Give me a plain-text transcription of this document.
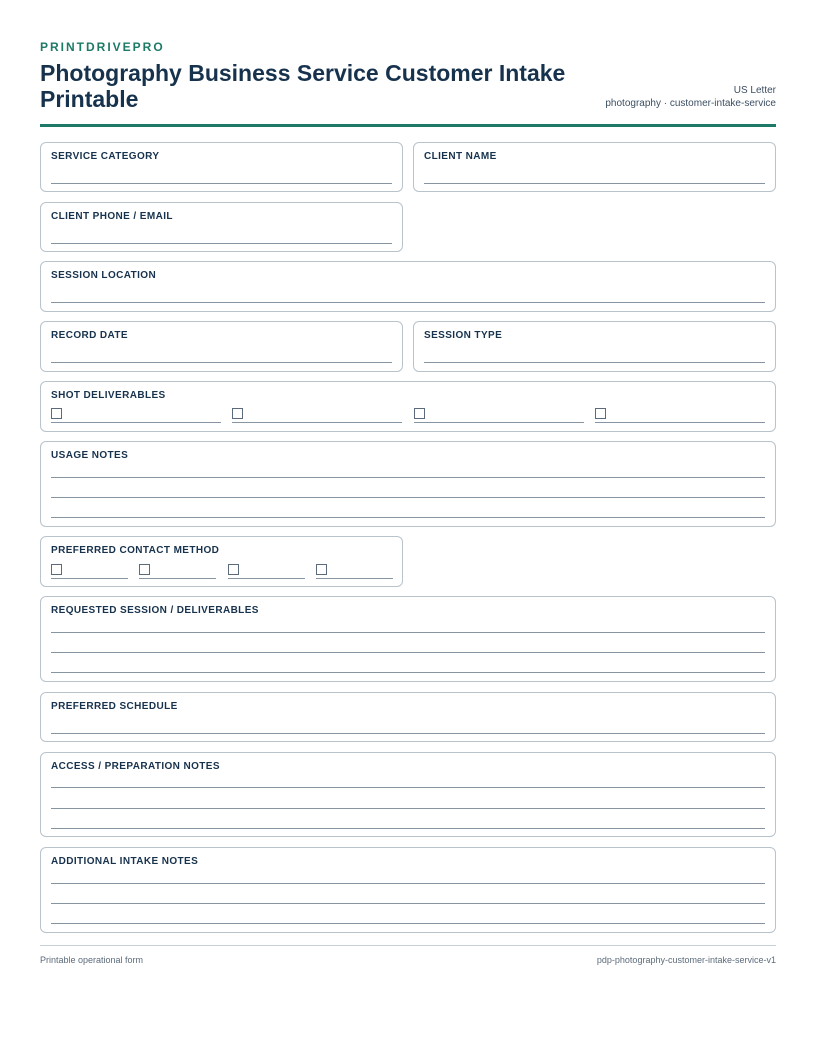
PRINTDRIVEPRO
Photography Business Service Customer Intake Printable	US Letter
photography · customer-intake-service
SERVICE CATEGORY	CLIENT NAME
CLIENT PHONE / EMAIL
SESSION LOCATION
RECORD DATE	SESSION TYPE
SHOT DELIVERABLES
USAGE NOTES
PREFERRED CONTACT METHOD
REQUESTED SESSION / DELIVERABLES
PREFERRED SCHEDULE
ACCESS / PREPARATION NOTES
ADDITIONAL INTAKE NOTES
Printable operational form	pdp-photography-customer-intake-service-v1
